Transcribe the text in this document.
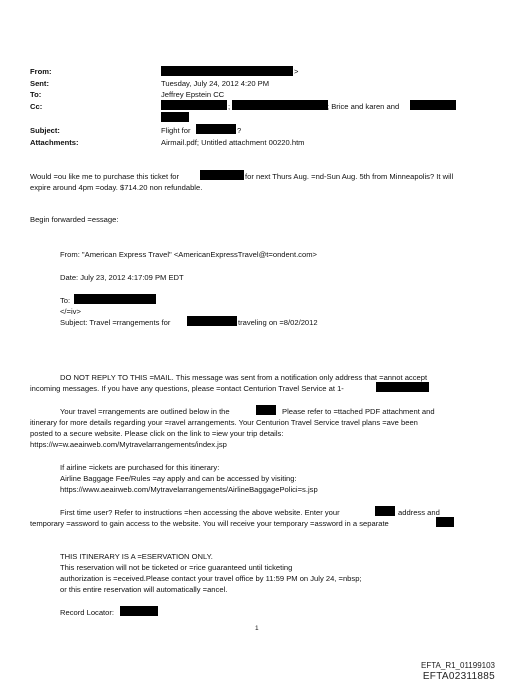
From:	>
Sent:	Tuesday, July 24, 2012 4:20 PM
To:	Jeffrey Epstein CC
Cc:	;	; Brice and karen and
Subject:	Flight for	?
Attachments:	Airmail.pdf; Untitled attachment 00220.htm
Would =ou like me to purchase this ticket for	for next Thurs Aug. =nd-Sun Aug. 5th from Minneapolis? It will
expire around 4pm =oday. $714.20 non refundable.
Begin forwarded =essage:
From: "American Express Travel" <AmericanExpressTravel@t=ondent.com>
Date: July 23, 2012 4:17:09 PM EDT
To:
</=iv>
Subject: Travel =rrangements for	traveling on =8/02/2012
DO NOT REPLY TO THIS =MAIL. This message was sent from a notification only address that =annot accept
incoming messages. If you have any questions, please =ontact Centurion Travel Service at 1-
Your travel =rrangements are outlined below in the	Please refer to =ttached PDF attachment and
itinerary for more details regarding your =ravel arrangements. Your Centurion Travel Service travel plans =ave been
posted to a secure website. Please click on the link to =iew your trip details:
https://w=w.aeairweb.com/Mytravelarrangements/index.jsp
If airline =ickets are purchased for this itinerary:
Airline Baggage Fee/Rules =ay apply and can be accessed by visiting:
https://www.aeairweb.com/Mytravelarrangements/AirlineBaggagePolici=s.jsp
First time user? Refer to instructions =hen accessing the above website. Enter your	address and
temporary =assword to gain access to the website. You will receive your temporary =assword in a separate
THIS ITINERARY IS A =ESERVATION ONLY.
This reservation will not be ticketed or =rice guaranteed until ticketing
authorization is =eceived.Please contact your travel office by 11:59 PM on July 24, =nbsp;
or this entire reservation will automatically =ancel.
Record Locator:
1
EFTA_R1_01199103
EFTA02311885
